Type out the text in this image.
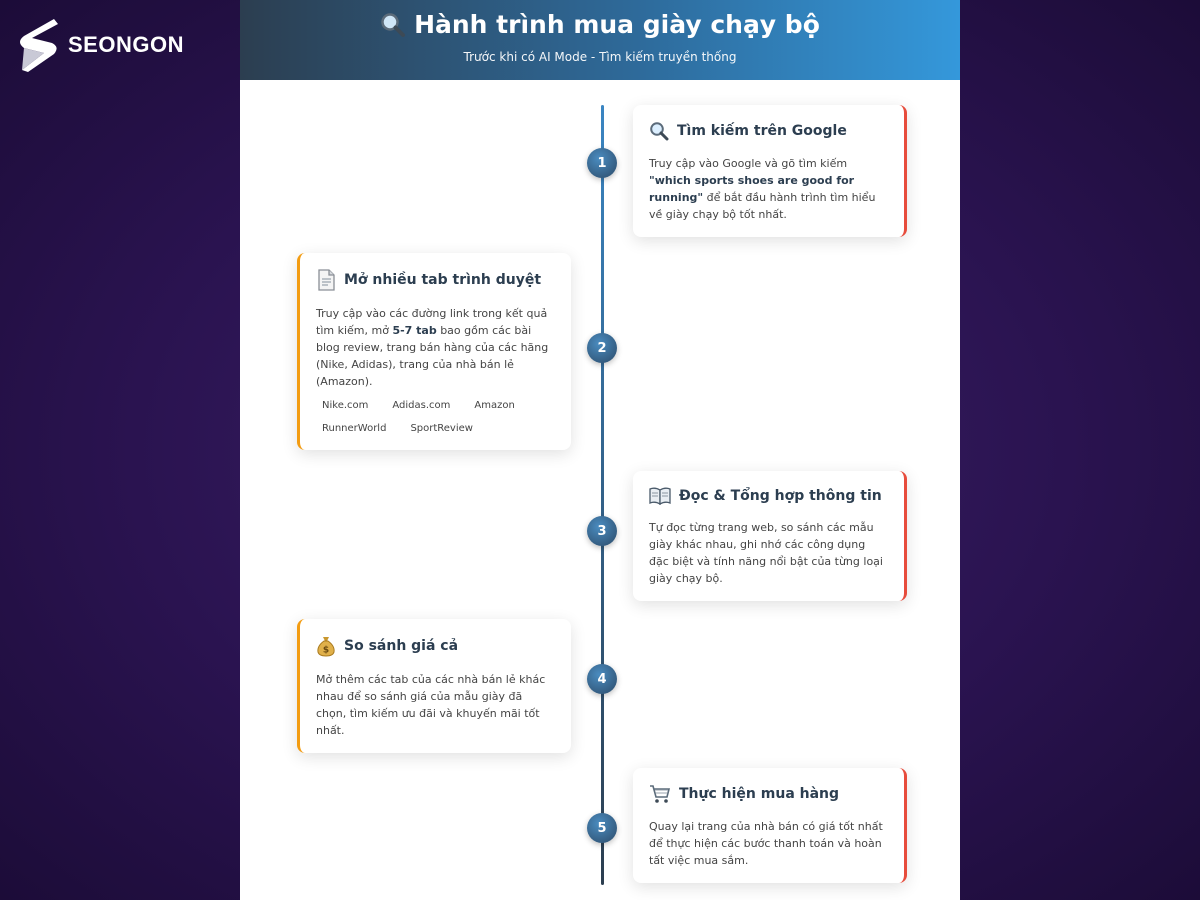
SEONGON
Hành trình mua giày chạy bộ
Trước khi có AI Mode - Tìm kiếm truyền thống
1
2
3
4
5
Tìm kiếm trên Google

Truy cập vào Google và gõ tìm kiếm "which sports shoes are good for running" để bắt đầu hành trình tìm hiểu về giày chạy bộ tốt nhất.

Mở nhiều tab trình duyệt

Truy cập vào các đường link trong kết quả tìm kiếm, mở 5-7 tab bao gồm các bài blog review, trang bán hàng của các hãng (Nike, Adidas), trang của nhà bán lẻ (Amazon).

Nike.com	Adidas.com	Amazon
RunnerWorld	SportReview
Đọc & Tổng hợp thông tin

Tự đọc từng trang web, so sánh các mẫu giày khác nhau, ghi nhớ các công dụng đặc biệt và tính năng nổi bật của từng loại giày chạy bộ.

$ So sánh giá cả

Mở thêm các tab của các nhà bán lẻ khác nhau để so sánh giá của mẫu giày đã chọn, tìm kiếm ưu đãi và khuyến mãi tốt nhất.

Thực hiện mua hàng

Quay lại trang của nhà bán có giá tốt nhất để thực hiện các bước thanh toán và hoàn tất việc mua sắm.
